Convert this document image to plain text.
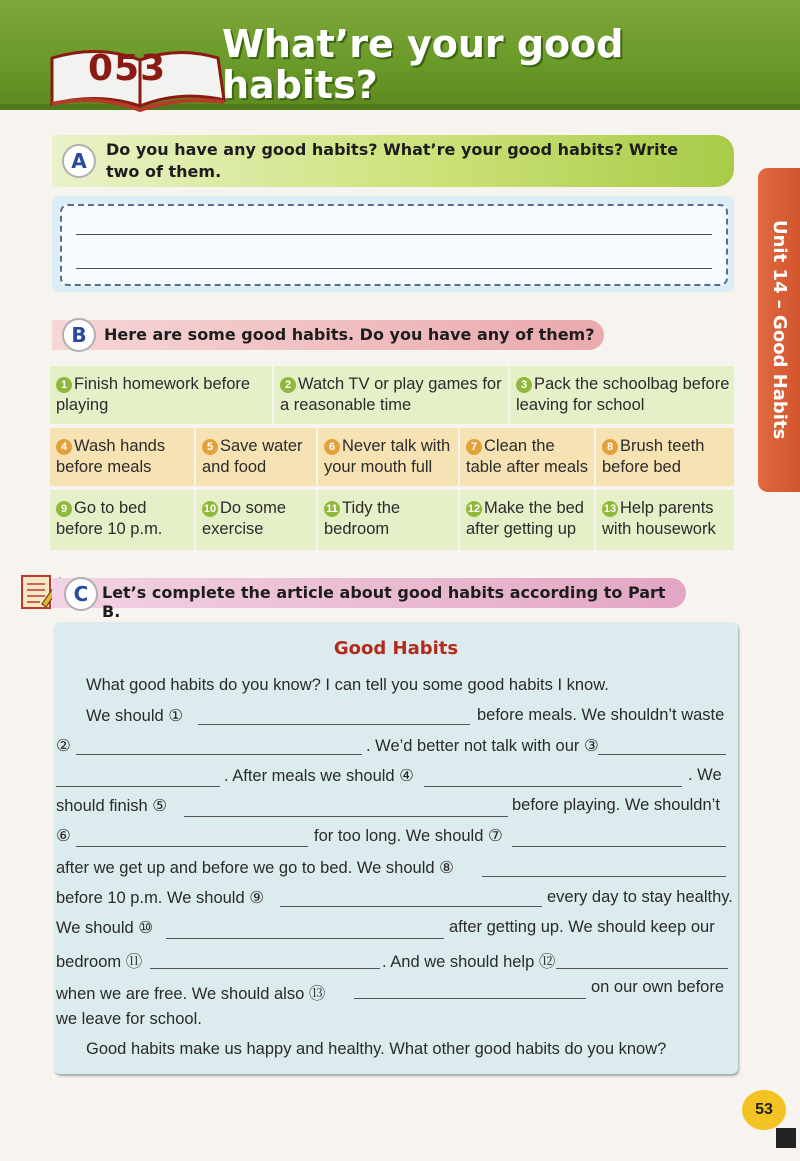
053
What’re your good
habits?
Unit 14 – Good Habits
Do you have any good habits? What’re your good habits? Write two of them.
A
Here are some good habits. Do you have any of them?
B
1 Finish homework before playing
2 Watch TV or play games for a reasonable time
3 Pack the schoolbag before leaving for school
4 Wash hands before meals
5 Save water and food
6 Never talk with your mouth full
7 Clean the table after meals
8 Brush teeth before bed
9 Go to bed before 10 p.m.
10 Do some exercise
11 Tidy the bedroom
12 Make the bed after getting up
13 Help parents with housework
Let’s complete the article about good habits according to Part B.
C
Good Habits
What good habits do you know? I can tell you some good habits I know.
We should ①	before meals. We shouldn’t waste
②	. We’d better not talk with our ③
. After meals we should ④	. We
should finish ⑤	before playing. We shouldn’t
⑥	for too long. We should ⑦
after we get up and before we go to bed. We should ⑧
before 10 p.m. We should ⑨	every day to stay healthy.
We should ⑩	after getting up. We should keep our
bedroom ⑪	. And we should help ⑫
when we are free. We should also ⑬	on our own before
we leave for school.
Good habits make us happy and healthy. What other good habits do you know?
53
